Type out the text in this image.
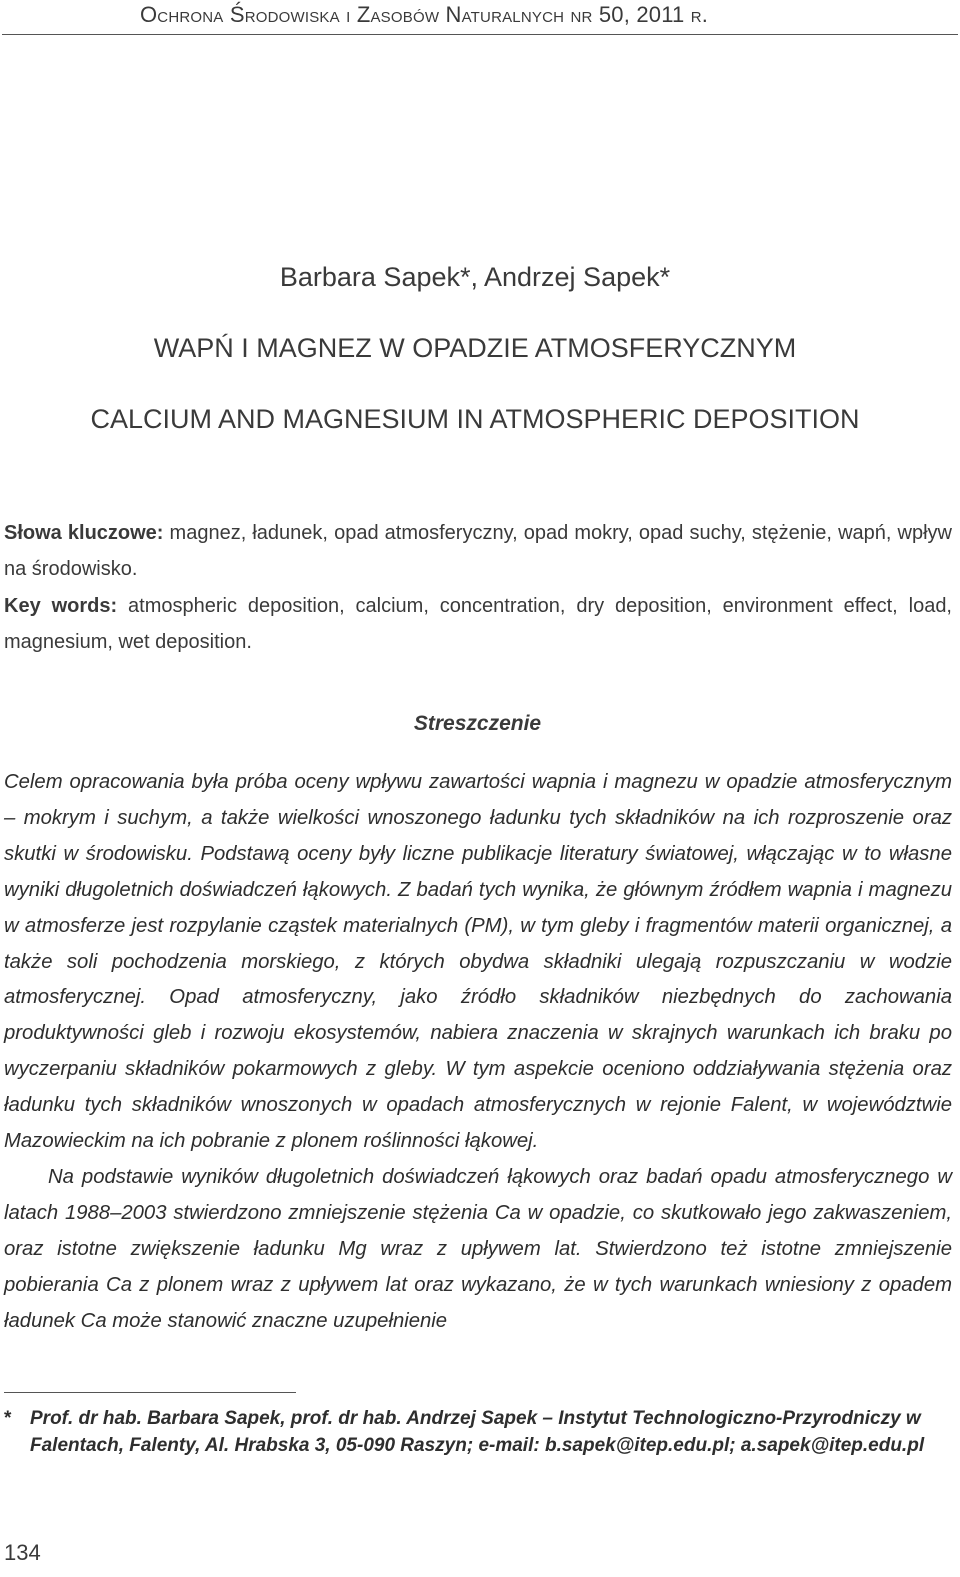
Ochrona Środowiska i Zasobów Naturalnych nr 50, 2011 r.
Barbara Sapek*, Andrzej Sapek*
WAPŃ I MAGNEZ W OPADZIE ATMOSFERYCZNYM
CALCIUM AND MAGNESIUM IN ATMOSPHERIC DEPOSITION
Słowa kluczowe: magnez, ładunek, opad atmosferyczny, opad mokry, opad suchy, stężenie, wapń, wpływ na środowisko.
Key words: atmospheric deposition, calcium, concentration, dry deposition, environment effect, load, magnesium, wet deposition.
Streszczenie

Celem opracowania była próba oceny wpływu zawartości wapnia i magnezu w opadzie atmosferycznym – mokrym i suchym, a także wielkości wnoszonego ładunku tych składników na ich rozproszenie oraz skutki w środowisku. Podstawą oceny były liczne publikacje literatury światowej, włączając w to własne wyniki długoletnich doświadczeń łąkowych. Z badań tych wynika, że głównym źródłem wapnia i magnezu w atmosferze jest rozpylanie cząstek materialnych (PM), w tym gleby i fragmentów materii organicznej, a także soli pochodzenia morskiego, z których obydwa składniki ulegają rozpuszczaniu w wodzie atmosferycznej. Opad atmosferyczny, jako źródło składników niezbędnych do zachowania produktywności gleb i rozwoju ekosystemów, nabiera znaczenia w skrajnych warunkach ich braku po wyczerpaniu składników pokarmowych z gleby. W tym aspekcie oceniono oddziaływania stężenia oraz ładunku tych składników wnoszonych w opadach atmosferycznych w rejonie Falent, w województwie Mazowieckim na ich pobranie z plonem roślinności łąkowej.

Na podstawie wyników długoletnich doświadczeń łąkowych oraz badań opadu atmosferycznego w latach 1988–2003 stwierdzono zmniejszenie stężenia Ca w opadzie, co skutkowało jego zakwaszeniem, oraz istotne zwiększenie ładunku Mg wraz z upływem lat. Stwierdzono też istotne zmniejszenie pobierania Ca z plonem wraz z upływem lat oraz wykazano, że w tych warunkach wniesiony z opadem ładunek Ca może stanowić znaczne uzupełnienie

* Prof. dr hab. Barbara Sapek, prof. dr hab. Andrzej Sapek – Instytut Technologiczno-Przyrodniczy w Falentach, Falenty, Al. Hrabska 3, 05-090 Raszyn; e-mail: b.sapek@itep.edu.pl; a.sapek@itep.edu.pl
134
